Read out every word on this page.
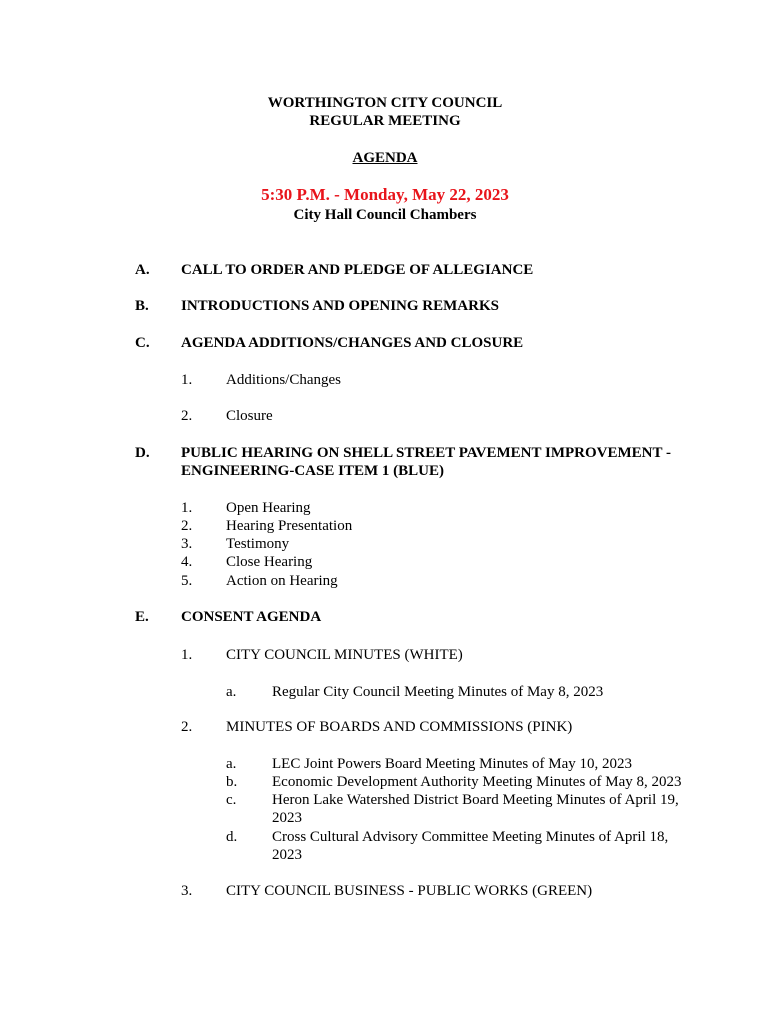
WORTHINGTON CITY COUNCIL
REGULAR MEETING
AGENDA
5:30 P.M. - Monday, May 22, 2023
City Hall Council Chambers
A. CALL TO ORDER AND PLEDGE OF ALLEGIANCE
B. INTRODUCTIONS AND OPENING REMARKS
C. AGENDA ADDITIONS/CHANGES AND CLOSURE
1. Additions/Changes
2. Closure
D. PUBLIC HEARING ON SHELL STREET PAVEMENT IMPROVEMENT -
ENGINEERING-CASE ITEM 1 (BLUE)
1. Open Hearing
2. Hearing Presentation
3. Testimony
4. Close Hearing
5. Action on Hearing
E. CONSENT AGENDA
1. CITY COUNCIL MINUTES (WHITE)
a. Regular City Council Meeting Minutes of May 8, 2023
2. MINUTES OF BOARDS AND COMMISSIONS (PINK)
a. LEC Joint Powers Board Meeting Minutes of May 10, 2023
b. Economic Development Authority Meeting Minutes of May 8, 2023
c. Heron Lake Watershed District Board Meeting Minutes of April 19,
2023
d. Cross Cultural Advisory Committee Meeting Minutes of April 18,
2023
3. CITY COUNCIL BUSINESS - PUBLIC WORKS (GREEN)
